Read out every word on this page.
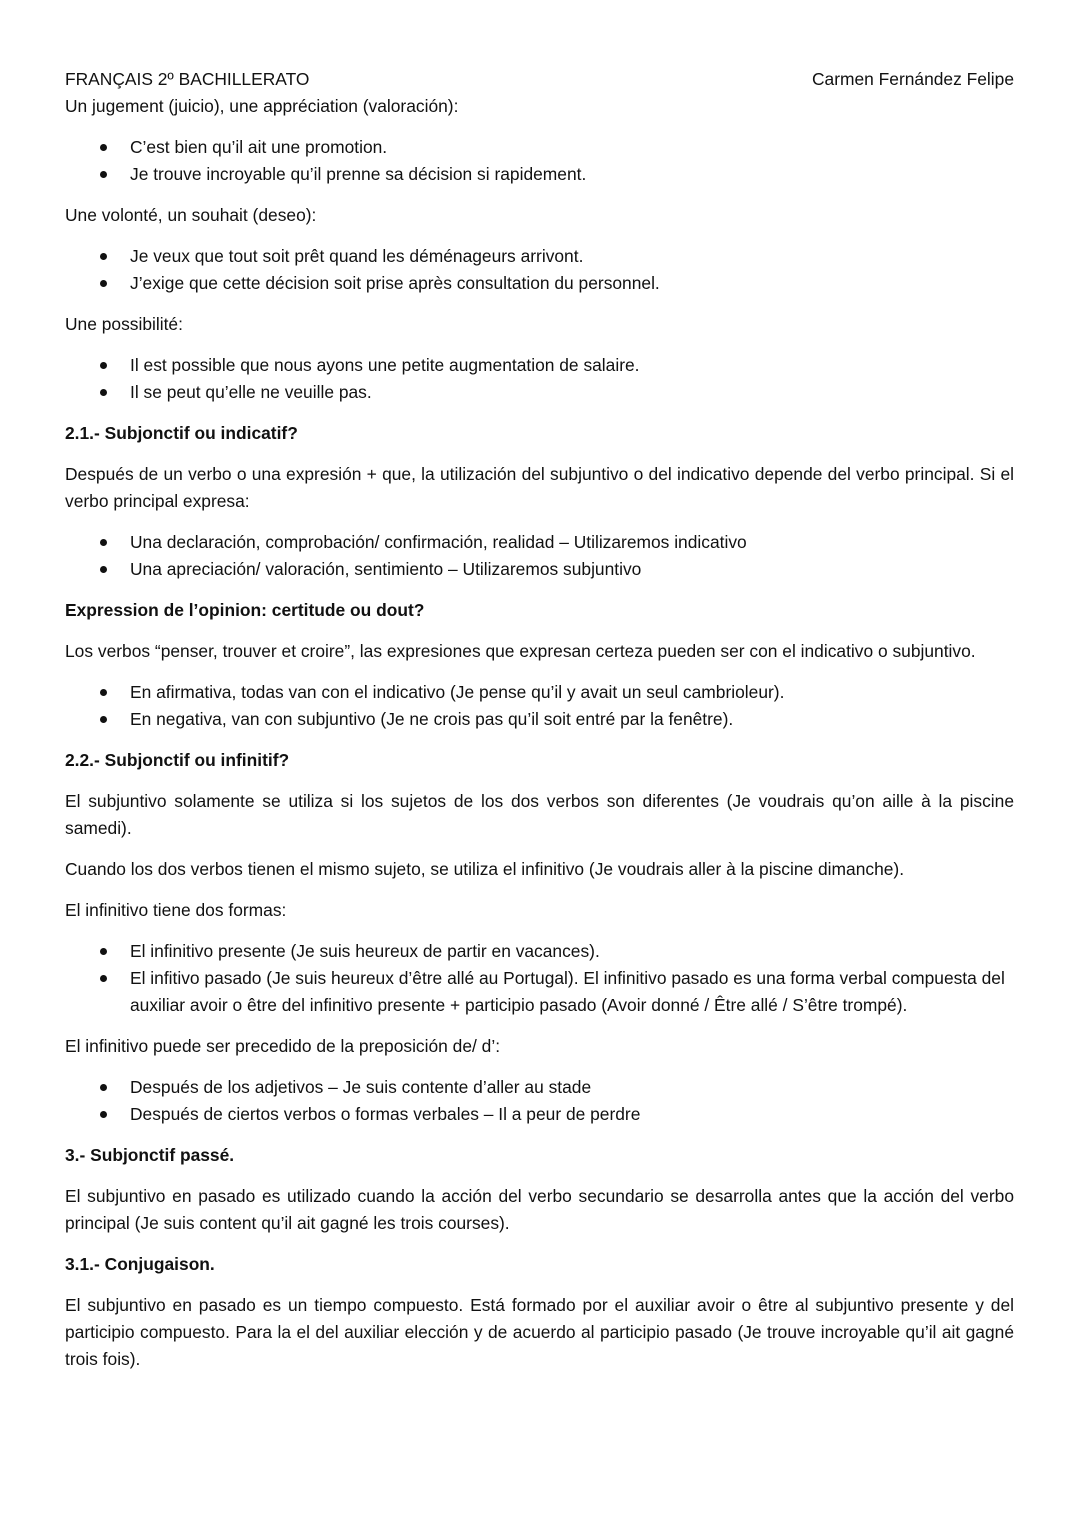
FRANÇAIS 2º BACHILLERATO	Carmen Fernández Felipe

Un jugement (juicio), une appréciation (valoración):

C’est bien qu’il ait une promotion.
Je trouve incroyable qu’il prenne sa décision si rapidement.

Une volonté, un souhait (deseo):

Je veux que tout soit prêt quand les déménageurs arrivont.
J’exige que cette décision soit prise après consultation du personnel.

Une possibilité:

Il est possible que nous ayons une petite augmentation de salaire.
Il se peut qu’elle ne veuille pas.
2.1.- Subjonctif ou indicatif?

Después de un verbo o una expresión + que, la utilización del subjuntivo o del indicativo depende del verbo principal. Si el verbo principal expresa:

Una declaración, comprobación/ confirmación, realidad – Utilizaremos indicativo
Una apreciación/ valoración, sentimiento – Utilizaremos subjuntivo
Expression de l’opinion: certitude ou dout?

Los verbos “penser, trouver et croire”, las expresiones que expresan certeza pueden ser con el indicativo o subjuntivo.

En afirmativa, todas van con el indicativo (Je pense qu’il y avait un seul cambrioleur).
En negativa, van con subjuntivo (Je ne crois pas qu’il soit entré par la fenêtre).
2.2.- Subjonctif ou infinitif?

El subjuntivo solamente se utiliza si los sujetos de los dos verbos son diferentes (Je voudrais qu’on aille à la piscine samedi).

Cuando los dos verbos tienen el mismo sujeto, se utiliza el infinitivo (Je voudrais aller à la piscine dimanche).

El infinitivo tiene dos formas:

El infinitivo presente (Je suis heureux de partir en vacances).
El infitivo pasado (Je suis heureux d’être allé au Portugal). El infinitivo pasado es una forma verbal compuesta del auxiliar avoir o être del infinitivo presente + participio pasado (Avoir donné / Être allé / S’être trompé).

El infinitivo puede ser precedido de la preposición de/ d’:

Después de los adjetivos – Je suis contente d’aller au stade
Después de ciertos verbos o formas verbales – Il a peur de perdre
3.- Subjonctif passé.

El subjuntivo en pasado es utilizado cuando la acción del verbo secundario se desarrolla antes que la acción del verbo principal (Je suis content qu’il ait gagné les trois courses).

3.1.- Conjugaison.

El subjuntivo en pasado es un tiempo compuesto. Está formado por el auxiliar avoir o être al subjuntivo presente y del participio compuesto. Para la el del auxiliar elección y de acuerdo al participio pasado (Je trouve incroyable qu’il ait gagné trois fois).
